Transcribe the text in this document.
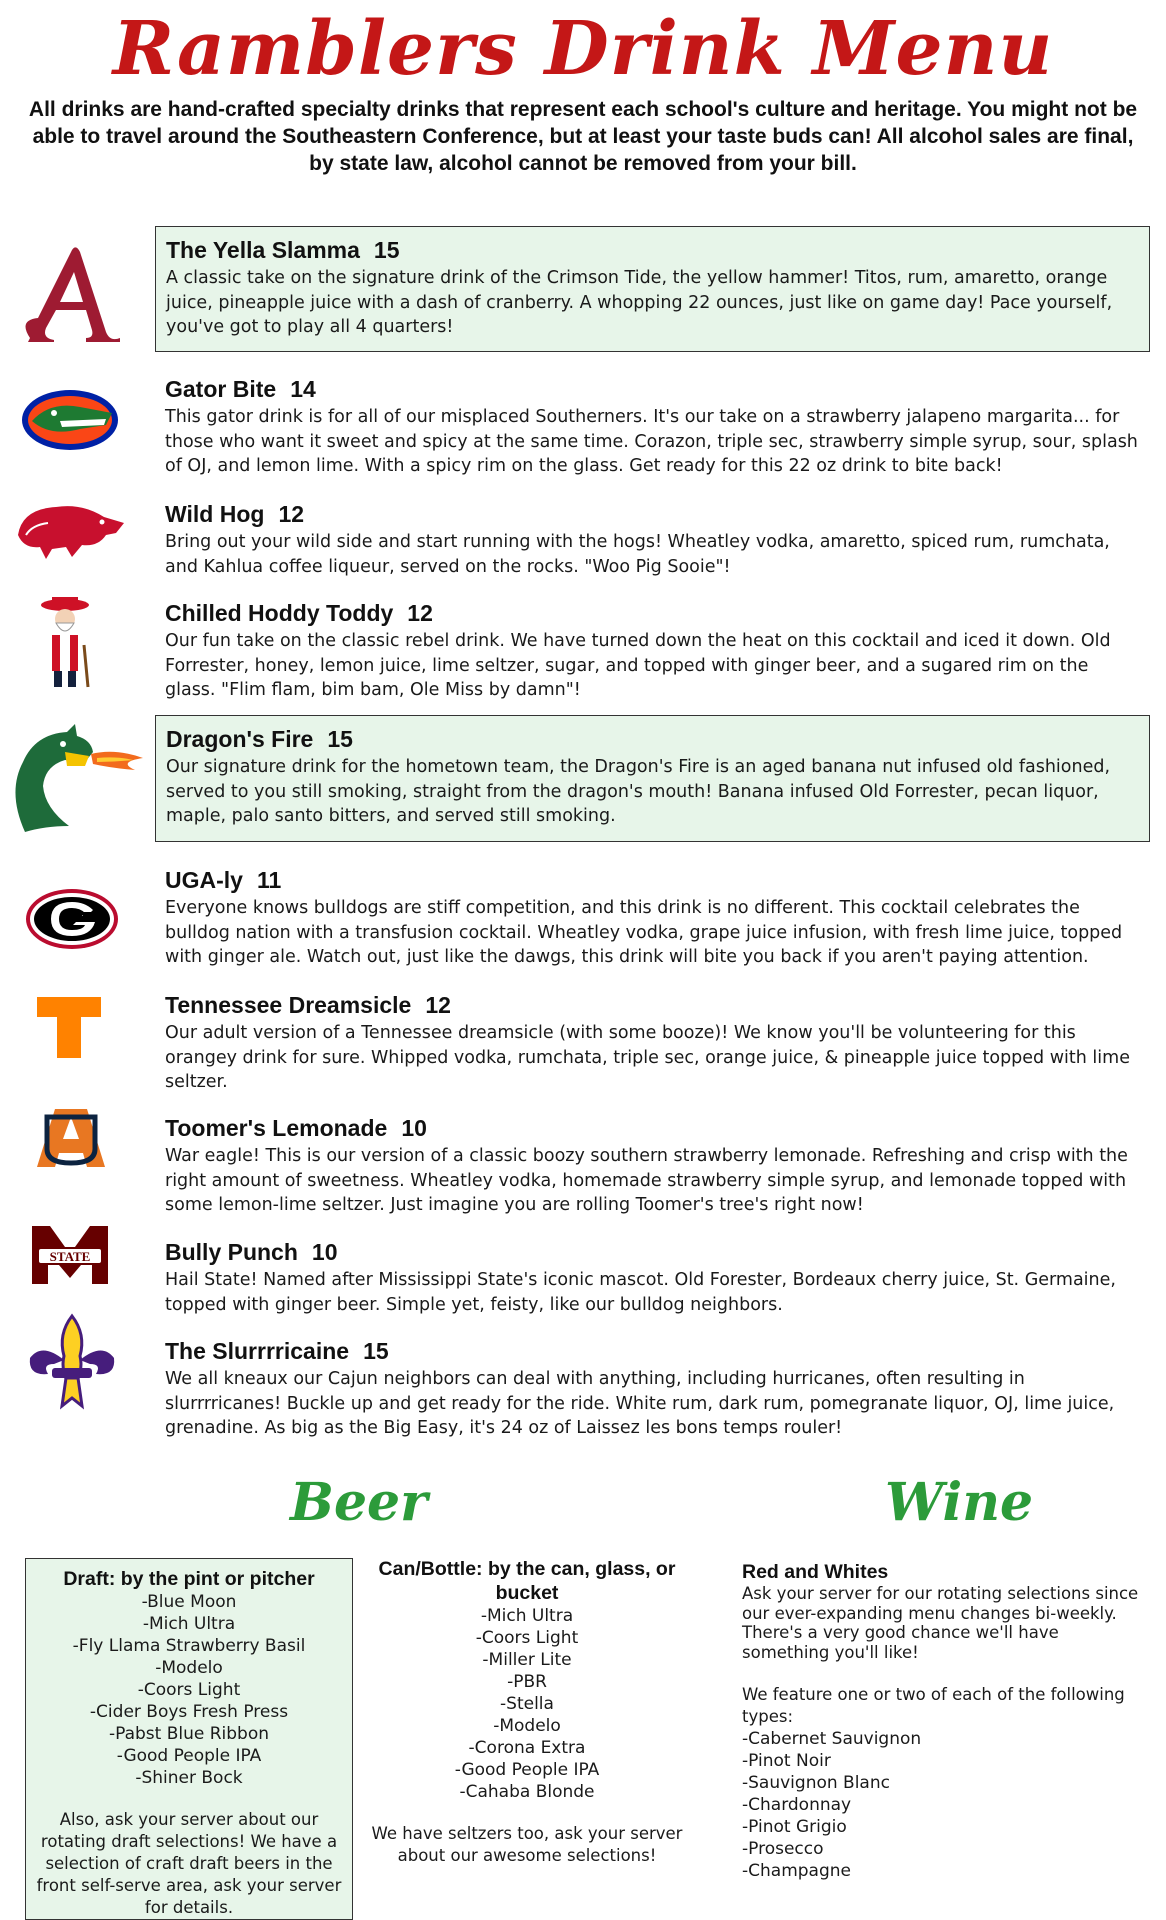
Ramblers Drink Menu

All drinks are hand-crafted specialty drinks that represent each school's culture and heritage. You might not be able to travel around the Southeastern Conference, but at least your taste buds can! All alcohol sales are final, by state law, alcohol cannot be removed from your bill.

STATE
The Yella Slamma 15
A classic take on the signature drink of the Crimson Tide, the yellow hammer! Titos, rum, amaretto, orange juice, pineapple juice with a dash of cranberry. A whopping 22 ounces, just like on game day! Pace yourself, you've got to play all 4 quarters!
Gator Bite 14
This gator drink is for all of our misplaced Southerners. It's our take on a strawberry jalapeno margarita... for those who want it sweet and spicy at the same time. Corazon, triple sec, strawberry simple syrup, sour, splash of OJ, and lemon lime. With a spicy rim on the glass. Get ready for this 22 oz drink to bite back!
Wild Hog 12
Bring out your wild side and start running with the hogs! Wheatley vodka, amaretto, spiced rum, rumchata, and Kahlua coffee liqueur, served on the rocks. "Woo Pig Sooie"!
Chilled Hoddy Toddy 12
Our fun take on the classic rebel drink. We have turned down the heat on this cocktail and iced it down. Old Forrester, honey, lemon juice, lime seltzer, sugar, and topped with ginger beer, and a sugared rim on the glass. "Flim flam, bim bam, Ole Miss by damn"!
Dragon's Fire 15
Our signature drink for the hometown team, the Dragon's Fire is an aged banana nut infused old fashioned, served to you still smoking, straight from the dragon's mouth! Banana infused Old Forrester, pecan liquor, maple, palo santo bitters, and served still smoking.
UGA-ly 11
Everyone knows bulldogs are stiff competition, and this drink is no different. This cocktail celebrates the bulldog nation with a transfusion cocktail. Wheatley vodka, grape juice infusion, with fresh lime juice, topped with ginger ale. Watch out, just like the dawgs, this drink will bite you back if you aren't paying attention.
Tennessee Dreamsicle 12
Our adult version of a Tennessee dreamsicle (with some booze)! We know you'll be volunteering for this orangey drink for sure. Whipped vodka, rumchata, triple sec, orange juice, & pineapple juice topped with lime seltzer.
Toomer's Lemonade 10
War eagle! This is our version of a classic boozy southern strawberry lemonade. Refreshing and crisp with the right amount of sweetness. Wheatley vodka, homemade strawberry simple syrup, and lemonade topped with some lemon-lime seltzer. Just imagine you are rolling Toomer's tree's right now!
Bully Punch 10
Hail State! Named after Mississippi State's iconic mascot. Old Forester, Bordeaux cherry juice, St. Germaine, topped with ginger beer. Simple yet, feisty, like our bulldog neighbors.
The Slurrrricaine 15
We all kneaux our Cajun neighbors can deal with anything, including hurricanes, often resulting in slurrrricanes! Buckle up and get ready for the ride. White rum, dark rum, pomegranate liquor, OJ, lime juice, grenadine. As big as the Big Easy, it's 24 oz of Laissez les bons temps rouler!
Beer	Wine
Draft: by the pint or pitcher
-Blue Moon
-Mich Ultra
-Fly Llama Strawberry Basil
-Modelo
-Coors Light
-Cider Boys Fresh Press
-Pabst Blue Ribbon
-Good People IPA
-Shiner Bock
Also, ask your server about our rotating draft selections! We have a selection of craft draft beers in the front self-serve area, ask your server for details.
Can/Bottle: by the can, glass, or bucket
-Mich Ultra
-Coors Light
-Miller Lite
-PBR
-Stella
-Modelo
-Corona Extra
-Good People IPA
-Cahaba Blonde
We have seltzers too, ask your server about our awesome selections!
Red and Whites
Ask your server for our rotating selections since our ever-expanding menu changes bi-weekly. There's a very good chance we'll have something you'll like!
We feature one or two of each of the following types:
-Cabernet Sauvignon
-Pinot Noir
-Sauvignon Blanc
-Chardonnay
-Pinot Grigio
-Prosecco
-Champagne
